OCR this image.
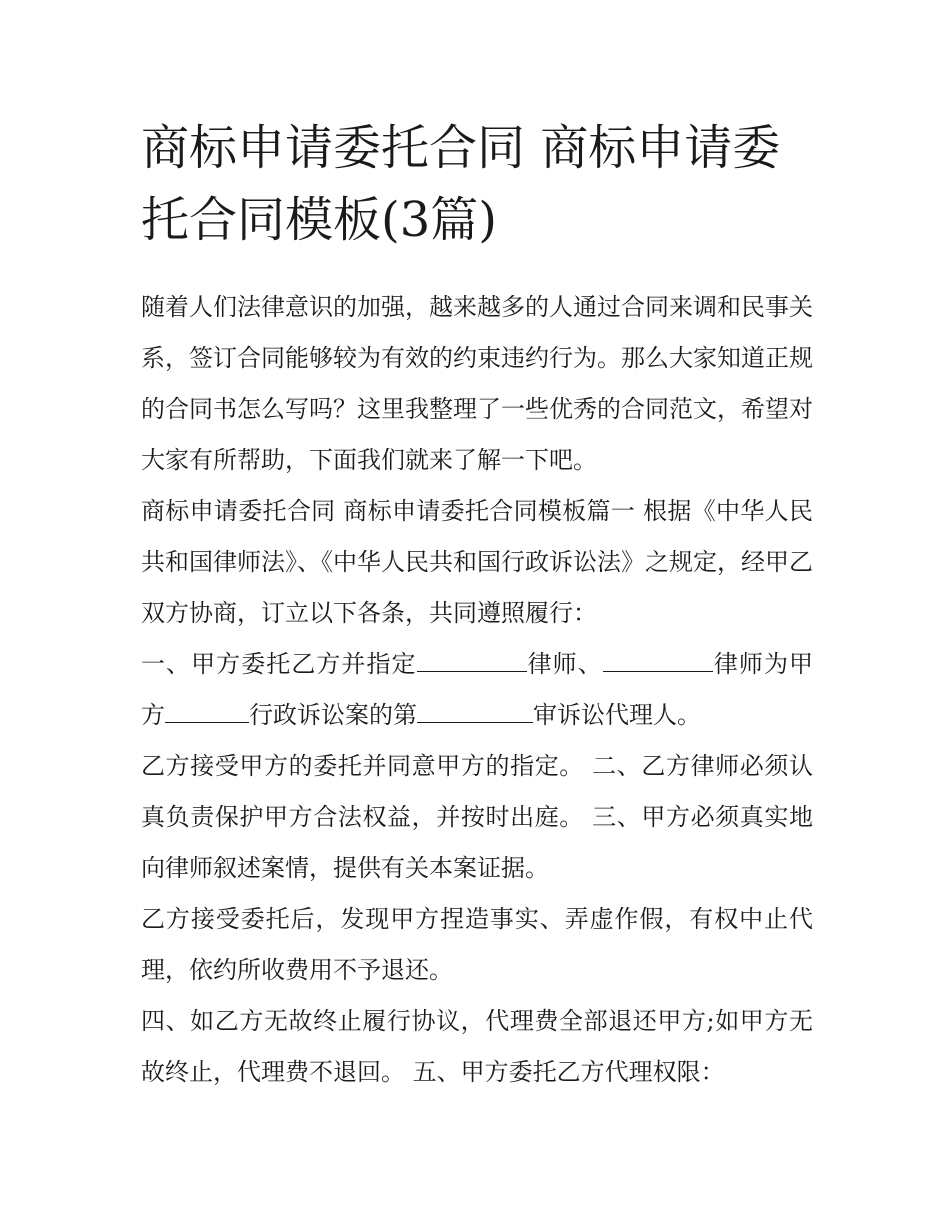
商标申请委托合同 商标申请委托合同模板(3篇)

随着人们法律意识的加强，越来越多的人通过合同来调和民事关系，签订合同能够较为有效的约束违约行为。那么大家知道正规的合同书怎么写吗？这里我整理了一些优秀的合同范文，希望对大家有所帮助，下面我们就来了解一下吧。

商标申请委托合同 商标申请委托合同模板篇一 根据《中华人民共和国律师法》、《中华人民共和国行政诉讼法》之规定，经甲乙双方协商，订立以下各条，共同遵照履行：

一、甲方委托乙方并指定	律师、	律师为甲方	行政诉讼案的第	审诉讼代理人。

乙方接受甲方的委托并同意甲方的指定。 二、乙方律师必须认真负责保护甲方合法权益，并按时出庭。 三、甲方必须真实地向律师叙述案情，提供有关本案证据。

乙方接受委托后，发现甲方捏造事实、弄虚作假，有权中止代理，依约所收费用不予退还。

四、如乙方无故终止履行协议，代理费全部退还甲方;如甲方无故终止，代理费不退回。 五、甲方委托乙方代理权限：
